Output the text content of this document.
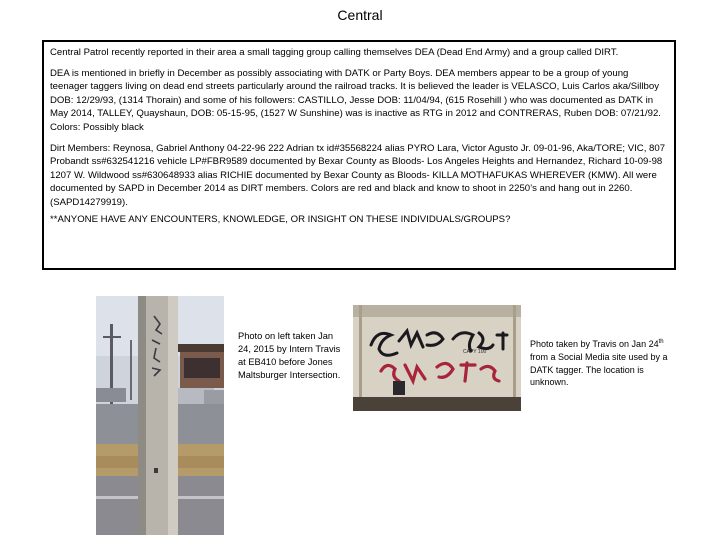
Central

Central Patrol recently reported in their area a small tagging group calling themselves DEA (Dead End Army) and a group called DIRT.

DEA is mentioned in briefly in December as possibly associating with DATK or Party Boys. DEA members appear to be a group of young teenager taggers living on dead end streets particularly around the railroad tracks. It is believed the leader is VELASCO, Luis Carlos aka/Sillboy DOB: 12/29/93, (1314 Thorain) and some of his followers: CASTILLO, Jesse DOB: 11/04/94, (615 Rosehill ) who was documented as DATK in May 2014, TALLEY, Quayshaun, DOB: 05-15-95, (1527 W Sunshine) was is inactive as RTG in 2012 and CONTRERAS, Ruben DOB: 07/21/92. Colors: Possibly black

Dirt Members: Reynosa, Gabriel Anthony 04-22-96 222 Adrian tx id#35568224 alias PYRO Lara, Victor Agusto Jr. 09-01-96, Aka/TORE; VIC, 807 Probandt ss#632541216 vehicle LP#FBR9589 documented by Bexar County as Bloods- Los Angeles Heights and Hernandez, Richard 10-09-98 1207 W. Wildwood ss#630648933 alias RICHIE documented by Bexar County as Bloods- KILLA MOTHAFUKAS WHEREVER (KMW). All were documented by SAPD in December 2014 as DIRT members. Colors are red and black and know to shoot in 2250’s and hang out in 2260. (SAPD14279919).

**ANYONE HAVE ANY ENCOUNTERS, KNOWLEDGE, OR INSIGHT ON THESE INDIVIDUALS/GROUPS?

Photo on left taken Jan 24, 2015 by Intern Travis at EB410 before Jones Maltsburger Intersection.
CAPY 100
Photo taken by Travis on Jan 24th from a Social Media site used by a DATK tagger. The location is unknown.
